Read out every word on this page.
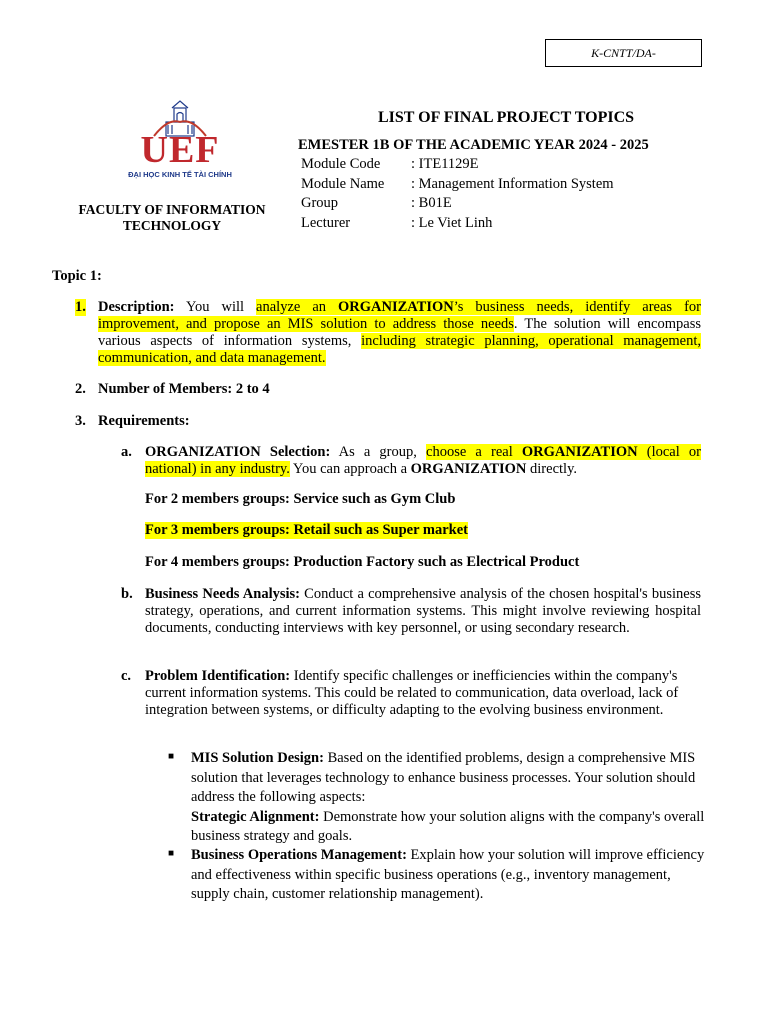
K-CNTT/DA-
UEF
ĐẠI HỌC KINH TẾ TÀI CHÍNH
FACULTY OF INFORMATION TECHNOLOGY
LIST OF FINAL PROJECT TOPICS
EMESTER 1B OF THE ACADEMIC YEAR 2024 - 2025
Module Code	: ITE1129E
Module Name	: Management Information System
Group	: B01E
Lecturer	: Le Viet Linh
Topic 1:
1. Description: You will analyze an ORGANIZATION’s business needs, identify areas for improvement, and propose an MIS solution to address those needs. The solution will encompass various aspects of information systems, including strategic planning, operational management, communication, and data management.

2. Number of Members: 2 to 4
3. Requirements:
a. ORGANIZATION Selection: As a group, choose a real ORGANIZATION (local or national) in any industry. You can approach a ORGANIZATION directly.

For 2 members groups: Service such as Gym Club
For 3 members groups: Retail such as Super market
For 4 members groups: Production Factory such as Electrical Product
b. Business Needs Analysis: Conduct a comprehensive analysis of the chosen hospital's business strategy, operations, and current information systems. This might involve reviewing hospital documents, conducting interviews with key personnel, or using secondary research.

c. Problem Identification: Identify specific challenges or inefficiencies within the company's current information systems. This could be related to communication, data overload, lack of integration between systems, or difficulty adapting to the evolving business environment.

■ MIS Solution Design: Based on the identified problems, design a comprehensive MIS solution that leverages technology to enhance business processes. Your solution should address the following aspects:

Strategic Alignment: Demonstrate how your solution aligns with the company's overall business strategy and goals.

■ Business Operations Management: Explain how your solution will improve efficiency and effectiveness within specific business operations (e.g., inventory management, supply chain, customer relationship management).
